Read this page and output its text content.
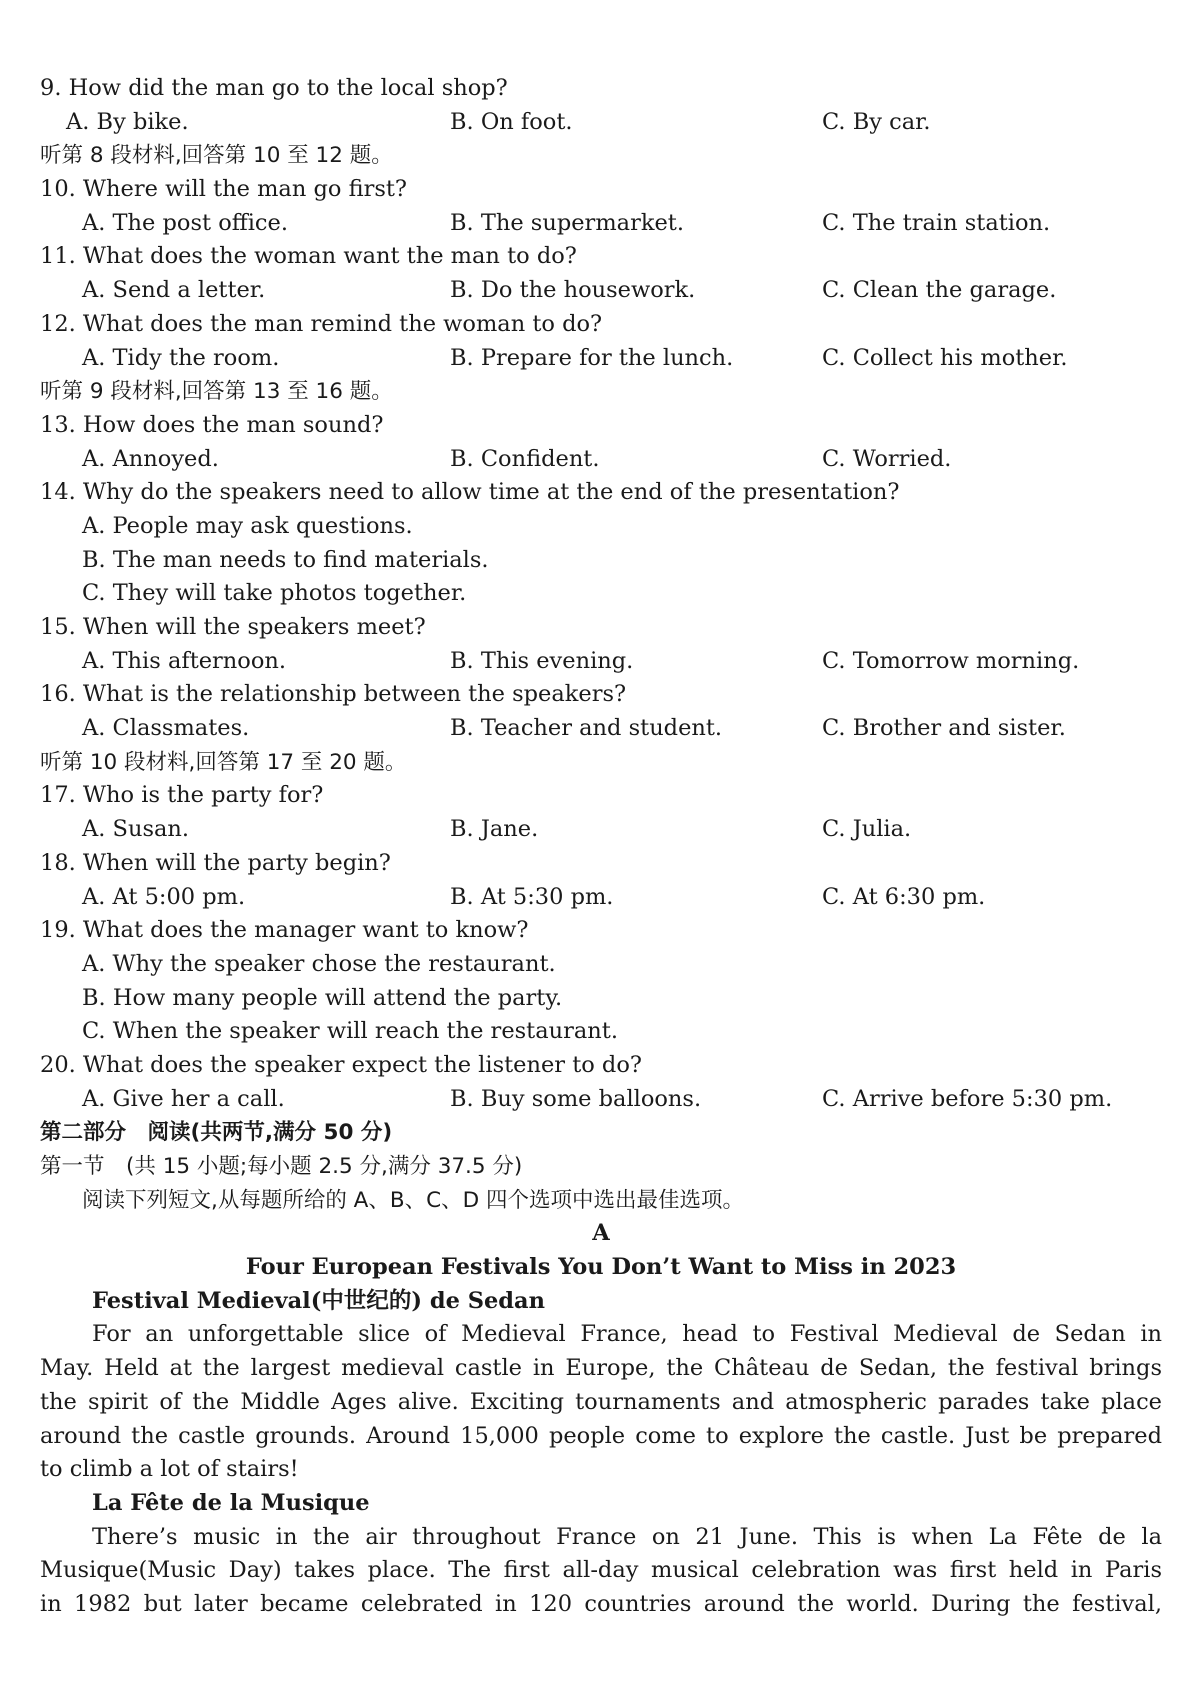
9. How did the man go to the local shop?
A. By bike.	B. On foot.	C. By car.
听第 8 段材料,回答第 10 至 12 题。
10. Where will the man go first?
A. The post office.	B. The supermarket.	C. The train station.
11. What does the woman want the man to do?
A. Send a letter.	B. Do the housework.	C. Clean the garage.
12. What does the man remind the woman to do?
A. Tidy the room.	B. Prepare for the lunch.	C. Collect his mother.
听第 9 段材料,回答第 13 至 16 题。
13. How does the man sound?
A. Annoyed.	B. Confident.	C. Worried.
14. Why do the speakers need to allow time at the end of the presentation?
A. People may ask questions.
B. The man needs to find materials.
C. They will take photos together.
15. When will the speakers meet?
A. This afternoon.	B. This evening.	C. Tomorrow morning.
16. What is the relationship between the speakers?
A. Classmates.	B. Teacher and student.	C. Brother and sister.
听第 10 段材料,回答第 17 至 20 题。
17. Who is the party for?
A. Susan.	B. Jane.	C. Julia.
18. When will the party begin?
A. At 5:00 pm.	B. At 5:30 pm.	C. At 6:30 pm.
19. What does the manager want to know?
A. Why the speaker chose the restaurant.
B. How many people will attend the party.
C. When the speaker will reach the restaurant.
20. What does the speaker expect the listener to do?
A. Give her a call.	B. Buy some balloons.	C. Arrive before 5:30 pm.
第二部分　阅读(共两节,满分 50 分)
第一节　(共 15 小题;每小题 2.5 分,满分 37.5 分)
阅读下列短文,从每题所给的 A、B、C、D 四个选项中选出最佳选项。
A
Four European Festivals You Don’t Want to Miss in 2023
Festival Medieval(中世纪的) de Sedan
For an unforgettable slice of Medieval France, head to Festival Medieval de Sedan in
May. Held at the largest medieval castle in Europe, the Château de Sedan, the festival brings
the spirit of the Middle Ages alive. Exciting tournaments and atmospheric parades take place
around the castle grounds. Around 15,000 people come to explore the castle. Just be prepared
to climb a lot of stairs!
La Fête de la Musique
There’s music in the air throughout France on 21 June. This is when La Fête de la
Musique(Music Day) takes place. The first all-day musical celebration was first held in Paris
in 1982 but later became celebrated in 120 countries around the world. During the festival,
